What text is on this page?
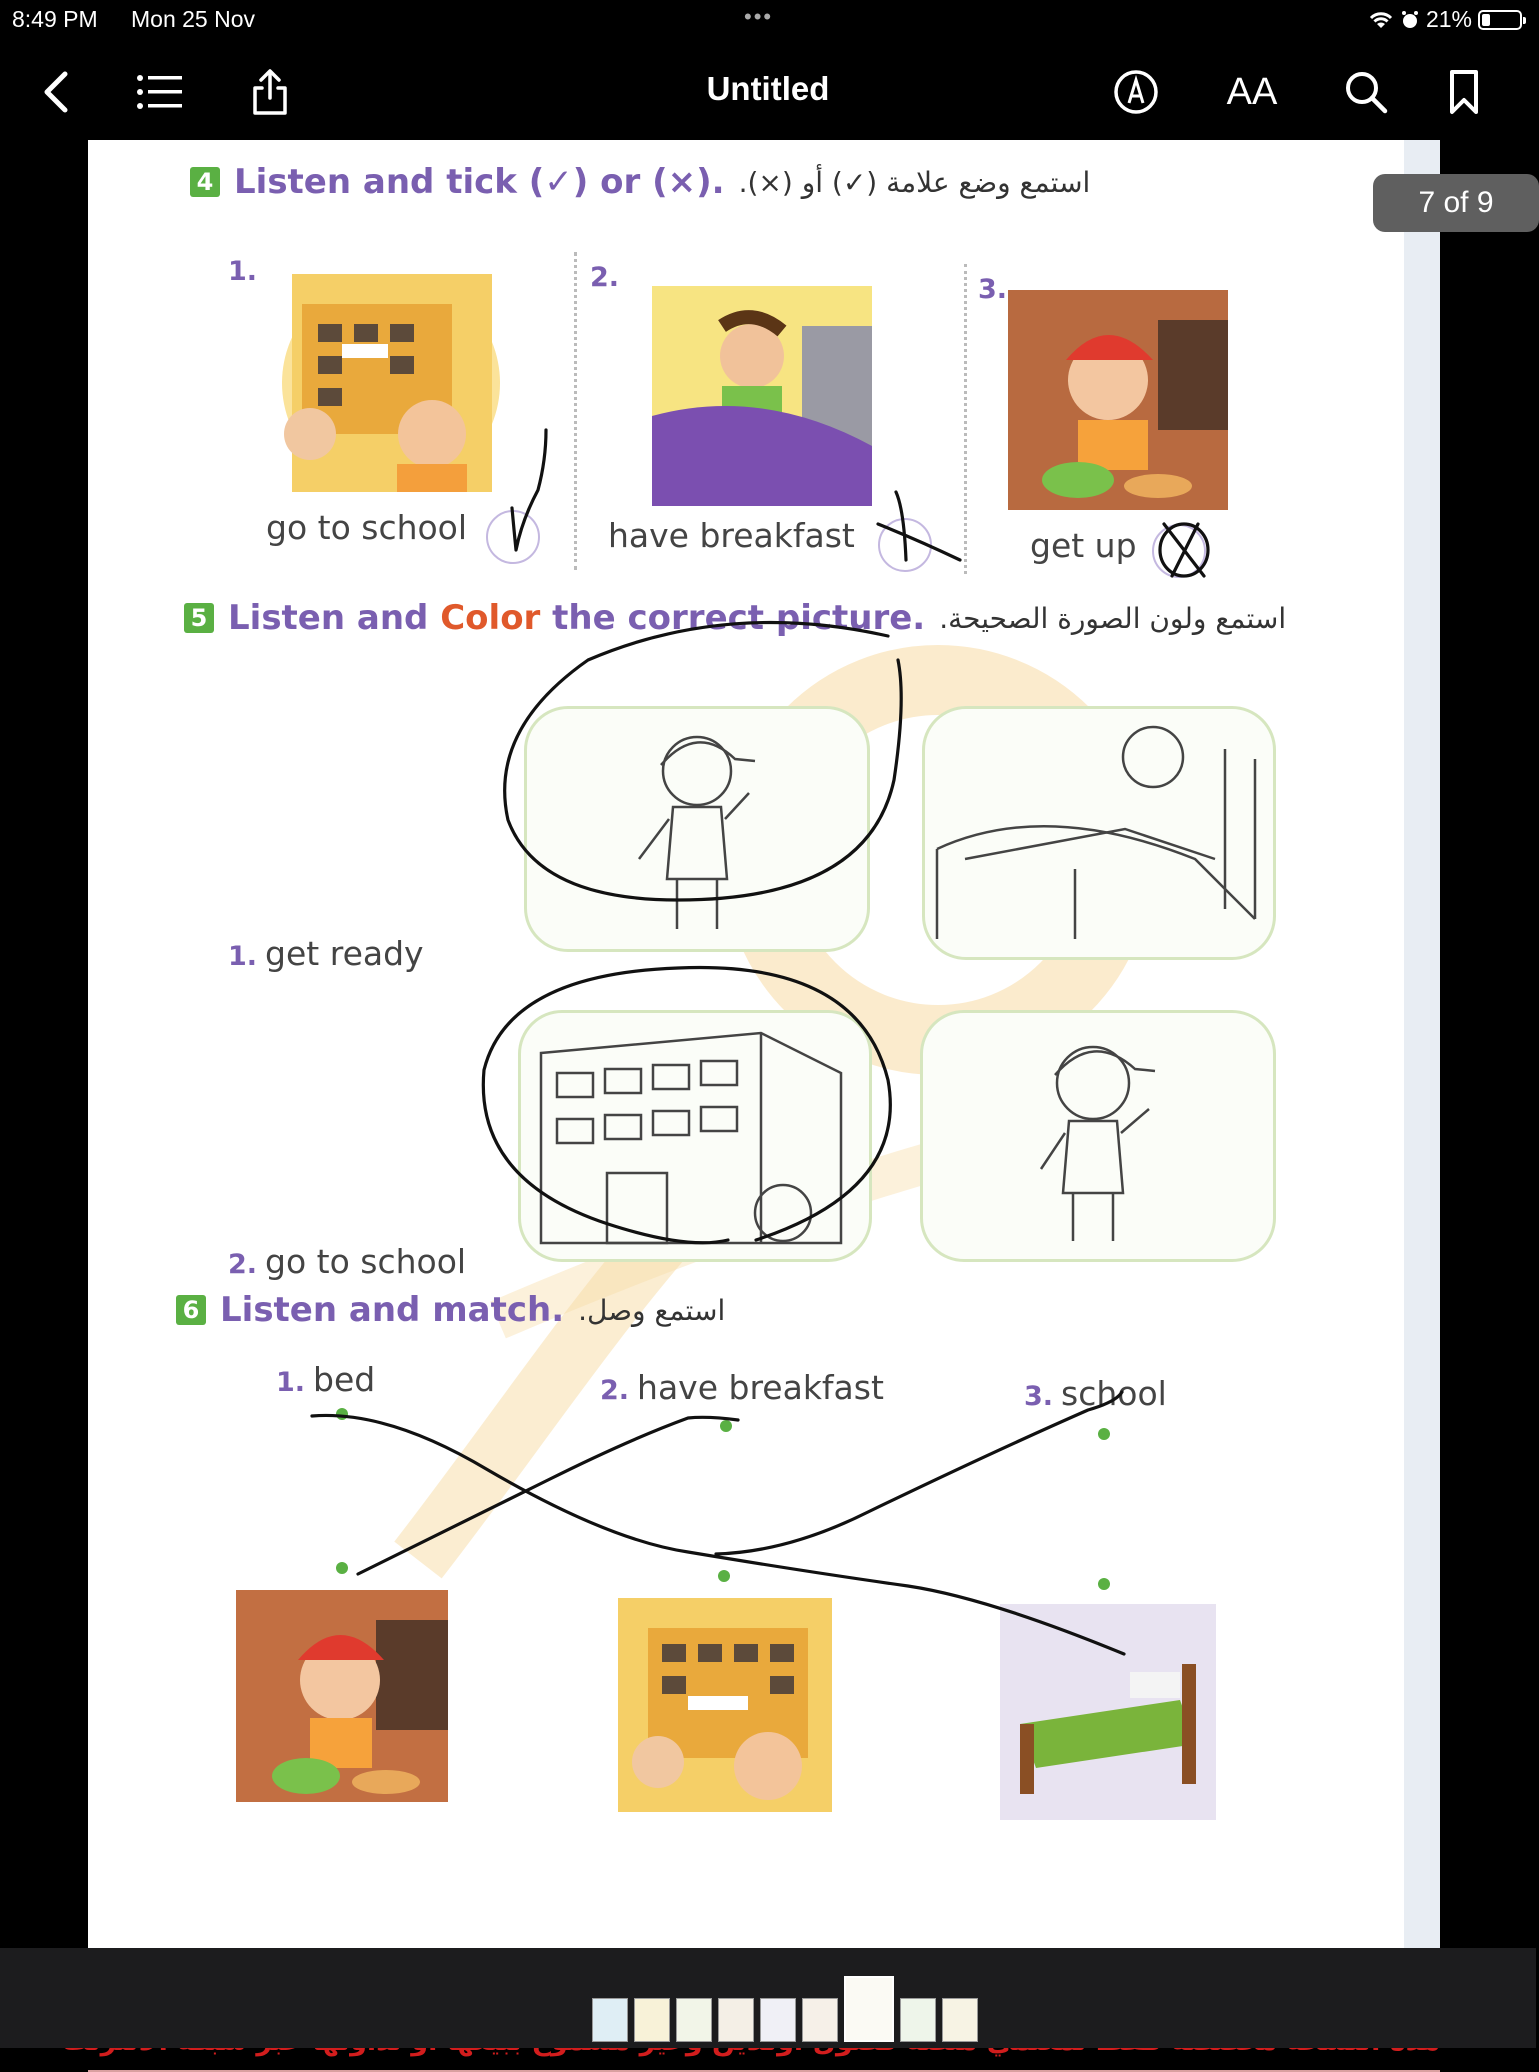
8:49 PM Mon 25 Nov	•••	21%
Untitled	AA
4 Listen and tick (✓) or (×). استمع وضع علامة (✓) أو (×).
1.	2.	3.
go to school	have breakfast	get up
5 Listen and Color the correct picture. استمع ولون الصورة الصحيحة.
1. get ready
2. go to school
6 Listen and match. استمع وصل.
1. bed	2. have breakfast	3. school
7 of 9
